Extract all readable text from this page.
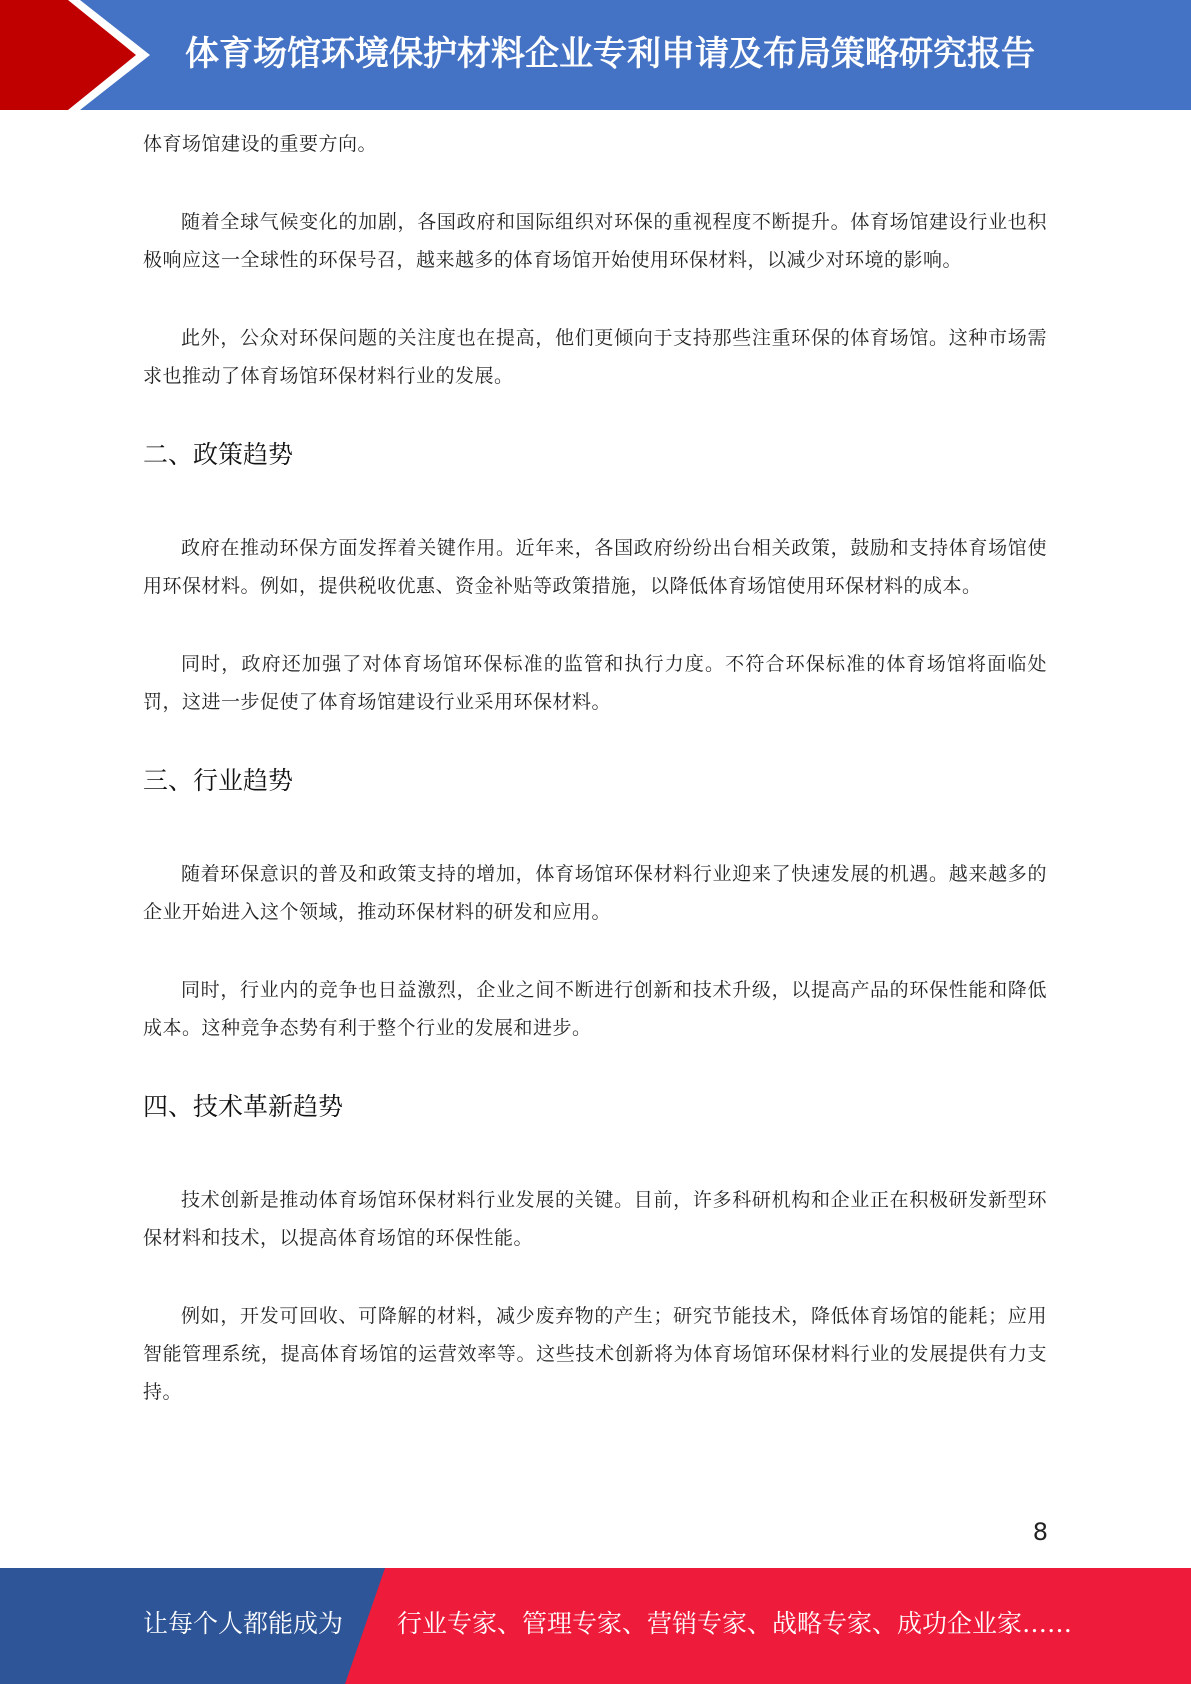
体育场馆环境保护材料企业专利申请及布局策略研究报告

体育场馆建设的重要方向。

随着全球气候变化的加剧，各国政府和国际组织对环保的重视程度不断提升。体育场馆建设行业也积极响应这一全球性的环保号召，越来越多的体育场馆开始使用环保材料，以减少对环境的影响。

此外，公众对环保问题的关注度也在提高，他们更倾向于支持那些注重环保的体育场馆。这种市场需求也推动了体育场馆环保材料行业的发展。

二、政策趋势

政府在推动环保方面发挥着关键作用。近年来，各国政府纷纷出台相关政策，鼓励和支持体育场馆使用环保材料。例如，提供税收优惠、资金补贴等政策措施，以降低体育场馆使用环保材料的成本。

同时，政府还加强了对体育场馆环保标准的监管和执行力度。不符合环保标准的体育场馆将面临处罚，这进一步促使了体育场馆建设行业采用环保材料。

三、行业趋势

随着环保意识的普及和政策支持的增加，体育场馆环保材料行业迎来了快速发展的机遇。越来越多的企业开始进入这个领域，推动环保材料的研发和应用。

同时，行业内的竞争也日益激烈，企业之间不断进行创新和技术升级，以提高产品的环保性能和降低成本。这种竞争态势有利于整个行业的发展和进步。

四、技术革新趋势

技术创新是推动体育场馆环保材料行业发展的关键。目前，许多科研机构和企业正在积极研发新型环保材料和技术，以提高体育场馆的环保性能。

例如，开发可回收、可降解的材料，减少废弃物的产生；研究节能技术，降低体育场馆的能耗；应用智能管理系统，提高体育场馆的运营效率等。这些技术创新将为体育场馆环保材料行业的发展提供有力支持。

8
让每个人都能成为 行业专家、管理专家、营销专家、战略专家、成功企业家……
